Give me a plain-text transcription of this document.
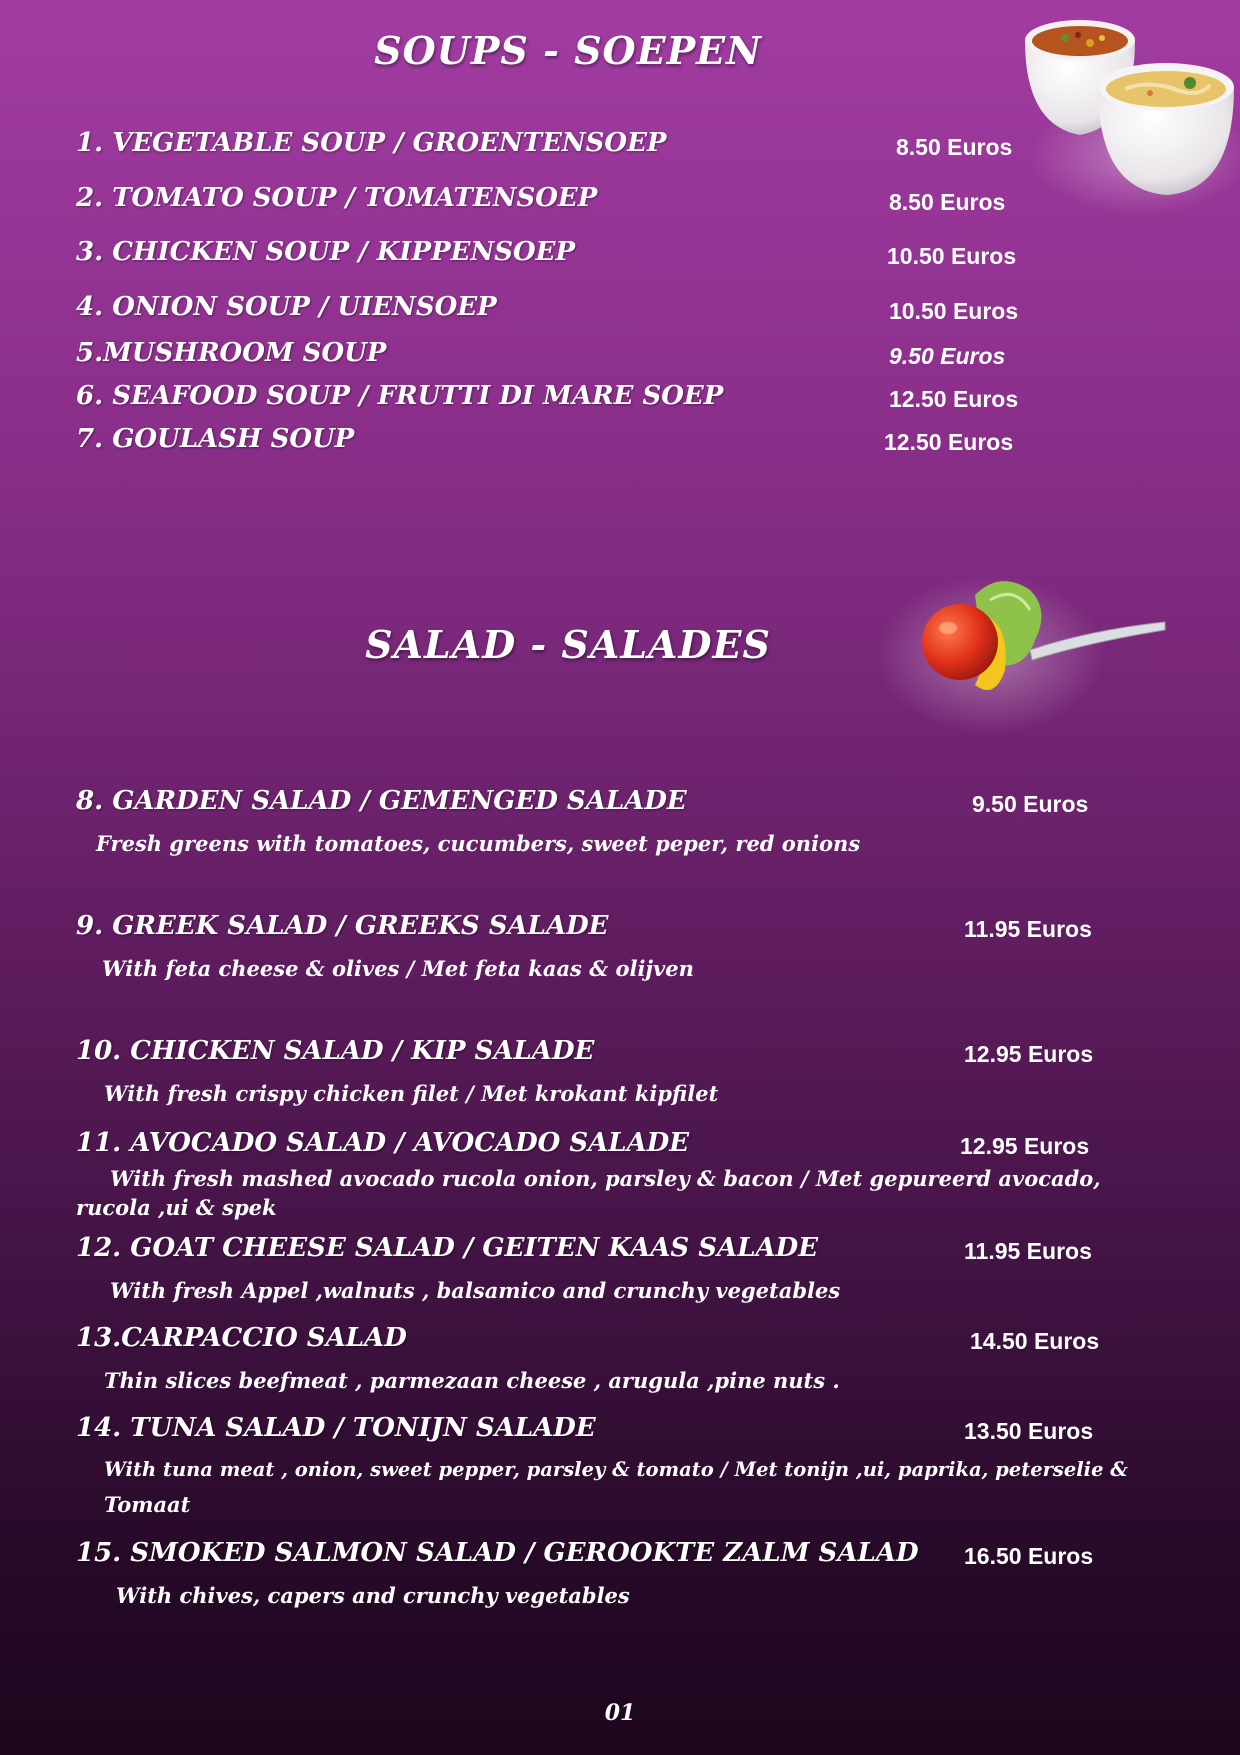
SOUPS - SOEPEN
1. VEGETABLE SOUP / GROENTENSOEP	8.50 Euros
2. TOMATO SOUP / TOMATENSOEP	8.50 Euros
3. CHICKEN SOUP / KIPPENSOEP	10.50 Euros
4. ONION SOUP / UIENSOEP	10.50 Euros
5.MUSHROOM SOUP	9.50 Euros
6. SEAFOOD SOUP / FRUTTI DI MARE SOEP	12.50 Euros
7. GOULASH SOUP	12.50 Euros
SALAD - SALADES
8. GARDEN SALAD / GEMENGED SALADE	9.50 Euros
Fresh greens with tomatoes, cucumbers, sweet peper, red onions
9. GREEK SALAD / GREEKS SALADE	11.95 Euros
With feta cheese & olives / Met feta kaas & olijven
10. CHICKEN SALAD / KIP SALADE	12.95 Euros
With fresh crispy chicken filet / Met krokant kipfilet
11. AVOCADO SALAD / AVOCADO SALADE	12.95 Euros
With fresh mashed avocado rucola onion, parsley & bacon / Met gepureerd avocado,
rucola ,ui & spek
12. GOAT CHEESE SALAD / GEITEN KAAS SALADE	11.95 Euros
With fresh Appel ,walnuts , balsamico and crunchy vegetables
13.CARPACCIO SALAD	14.50 Euros
Thin slices beefmeat , parmezaan cheese , arugula ,pine nuts .
14. TUNA SALAD / TONIJN SALADE	13.50 Euros
With tuna meat , onion, sweet pepper, parsley & tomato / Met tonijn ,ui, paprika, peterselie &
Tomaat
15. SMOKED SALMON SALAD / GEROOKTE ZALM SALAD 16.50 Euros
With chives, capers and crunchy vegetables
01
